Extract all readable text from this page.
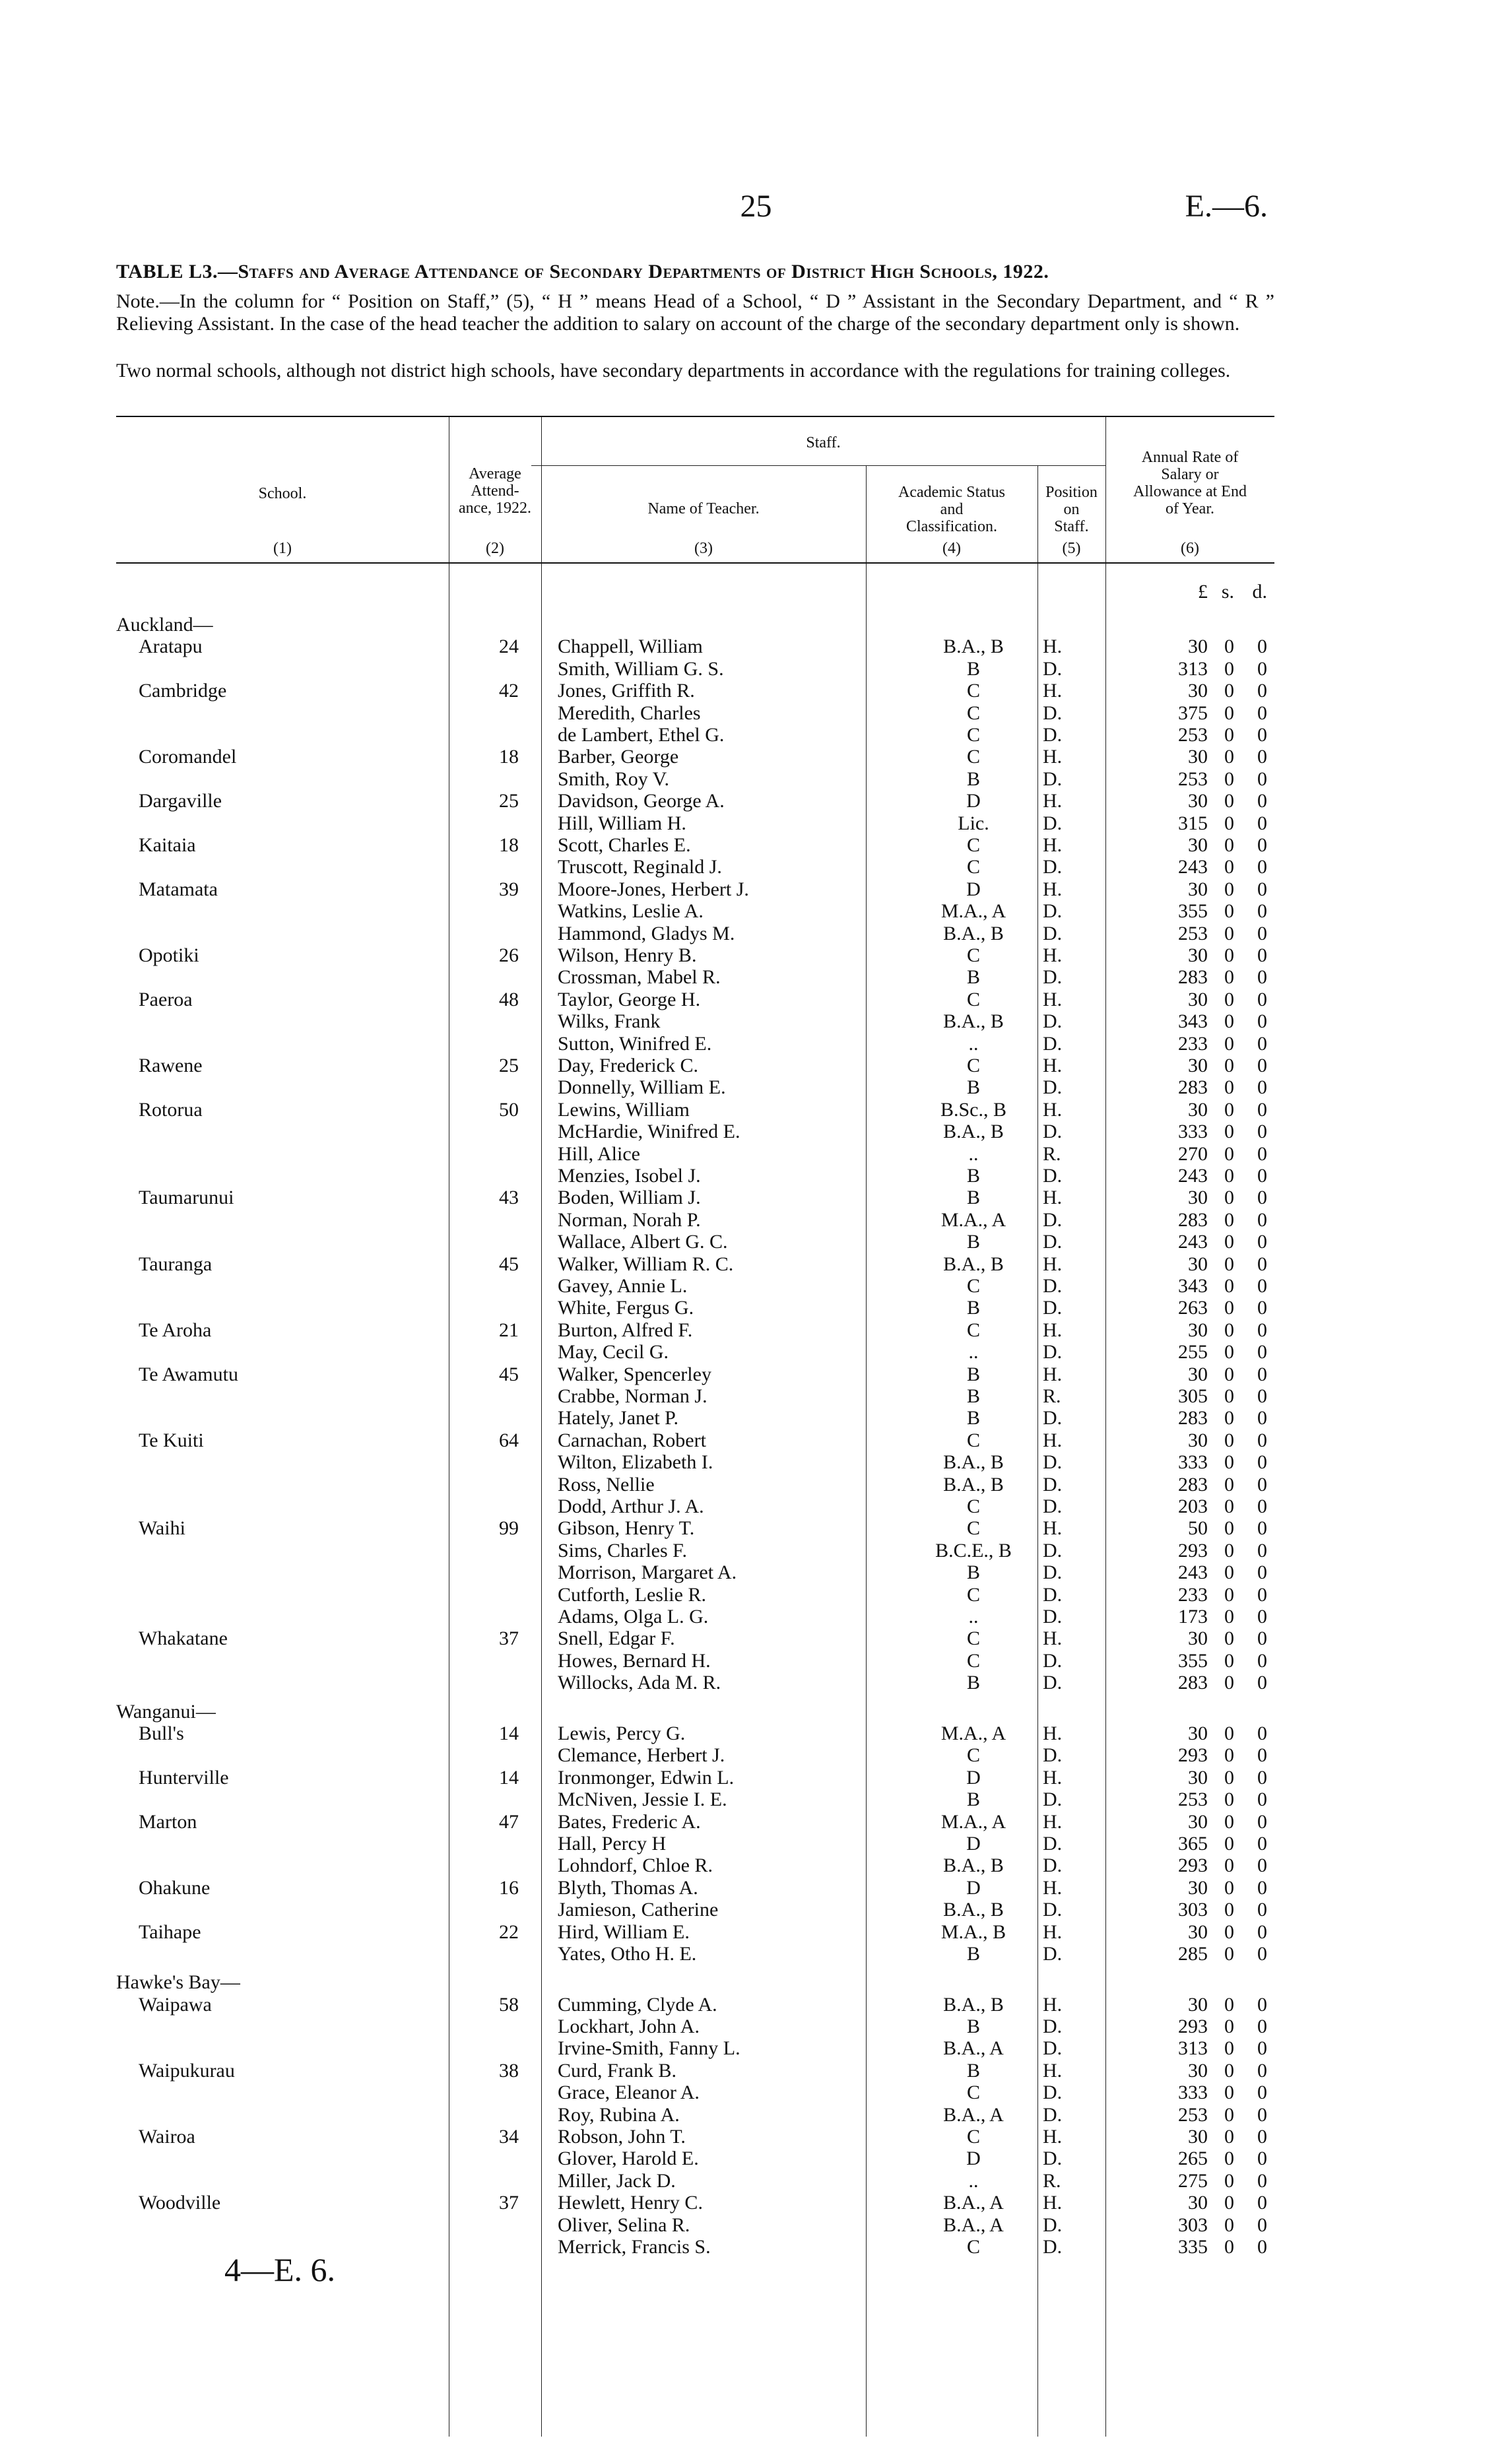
25	E.—6.
TABLE L3.—Staffs and Average Attendance of Secondary Departments of District High Schools, 1922.
Note.—In the column for “ Position on Staff,” (5), “ H ” means Head of a School, “ D ” Assistant in the Secondary Department, and “ R ” Relieving Assistant. In the case of the head teacher the addition to salary on account of the charge of the secondary department only is shown.
Two normal schools, although not district high schools, have secondary departments in accordance with the regulations for training colleges.
School.
Average
Attend-
ance, 1922.
Staff.
Name of Teacher.
Academic Status
and
Classification.
Position
on
Staff.
Annual Rate of
Salary or
Allowance at End
of Year.
(1)	(2)	(3)	(4)	(5)	(6)
£ s. d.
Auckland—
Aratapu	24 Chappell, William	B.A., B	H.	30 0	0
Smith, William G. S.	B	D.	313 0	0
Cambridge	42 Jones, Griffith R.	C	H.	30 0	0
Meredith, Charles	C	D.	375 0	0
de Lambert, Ethel G.	C	D.	253 0	0
Coromandel	18 Barber, George	C	H.	30 0	0
Smith, Roy V.	B	D.	253 0	0
Dargaville	25 Davidson, George A.	D	H.	30 0	0
Hill, William H.	Lic.	D.	315 0	0
Kaitaia	18 Scott, Charles E.	C	H.	30 0	0
Truscott, Reginald J.	C	D.	243 0	0
Matamata	39 Moore-Jones, Herbert J.	D	H.	30 0	0
Watkins, Leslie A.	M.A., A	D.	355 0	0
Hammond, Gladys M.	B.A., B	D.	253 0	0
Opotiki	26 Wilson, Henry B.	C	H.	30 0	0
Crossman, Mabel R.	B	D.	283 0	0
Paeroa	48 Taylor, George H.	C	H.	30 0	0
Wilks, Frank	B.A., B	D.	343 0	0
Sutton, Winifred E.	..	D.	233 0	0
Rawene	25 Day, Frederick C.	C	H.	30 0	0
Donnelly, William E.	B	D.	283 0	0
Rotorua	50 Lewins, William	B.Sc., B	H.	30 0	0
McHardie, Winifred E.	B.A., B	D.	333 0	0
Hill, Alice	..	R.	270 0	0
Menzies, Isobel J.	B	D.	243 0	0
Taumarunui	43 Boden, William J.	B	H.	30 0	0
Norman, Norah P.	M.A., A	D.	283 0	0
Wallace, Albert G. C.	B	D.	243 0	0
Tauranga	45 Walker, William R. C.	B.A., B	H.	30 0	0
Gavey, Annie L.	C	D.	343 0	0
White, Fergus G.	B	D.	263 0	0
Te Aroha	21 Burton, Alfred F.	C	H.	30 0	0
May, Cecil G.	..	D.	255 0	0
Te Awamutu	45 Walker, Spencerley	B	H.	30 0	0
Crabbe, Norman J.	B	R.	305 0	0
Hately, Janet P.	B	D.	283 0	0
Te Kuiti	64 Carnachan, Robert	C	H.	30 0	0
Wilton, Elizabeth I.	B.A., B	D.	333 0	0
Ross, Nellie	B.A., B	D.	283 0	0
Dodd, Arthur J. A.	C	D.	203 0	0
Waihi	99 Gibson, Henry T.	C	H.	50 0	0
Sims, Charles F.	B.C.E., B	D.	293 0	0
Morrison, Margaret A.	B	D.	243 0	0
Cutforth, Leslie R.	C	D.	233 0	0
Adams, Olga L. G.	..	D.	173 0	0
Whakatane	37 Snell, Edgar F.	C	H.	30 0	0
Howes, Bernard H.	C	D.	355 0	0
Willocks, Ada M. R.	B	D.	283 0	0
Wanganui—
Bull's	14 Lewis, Percy G.	M.A., A	H.	30 0	0
Clemance, Herbert J.	C	D.	293 0	0
Hunterville	14 Ironmonger, Edwin L.	D	H.	30 0	0
McNiven, Jessie I. E.	B	D.	253 0	0
Marton	47 Bates, Frederic A.	M.A., A	H.	30 0	0
Hall, Percy H	D	D.	365 0	0
Lohndorf, Chloe R.	B.A., B	D.	293 0	0
Ohakune	16 Blyth, Thomas A.	D	H.	30 0	0
Jamieson, Catherine	B.A., B	D.	303 0	0
Taihape	22 Hird, William E.	M.A., B	H.	30 0	0
Yates, Otho H. E.	B	D.	285 0	0
Hawke's Bay—
Waipawa	58 Cumming, Clyde A.	B.A., B	H.	30 0	0
Lockhart, John A.	B	D.	293 0	0
Irvine-Smith, Fanny L.	B.A., A	D.	313 0	0
Waipukurau	38 Curd, Frank B.	B	H.	30 0	0
Grace, Eleanor A.	C	D.	333 0	0
Roy, Rubina A.	B.A., A	D.	253 0	0
Wairoa	34 Robson, John T.	C	H.	30 0	0
Glover, Harold E.	D	D.	265 0	0
Miller, Jack D.	..	R.	275 0	0
Woodville	37 Hewlett, Henry C.	B.A., A	H.	30 0	0
Oliver, Selina R.	B.A., A	D.	303 0	0
Merrick, Francis S.	C	D.	335 0	0
4—E. 6.
